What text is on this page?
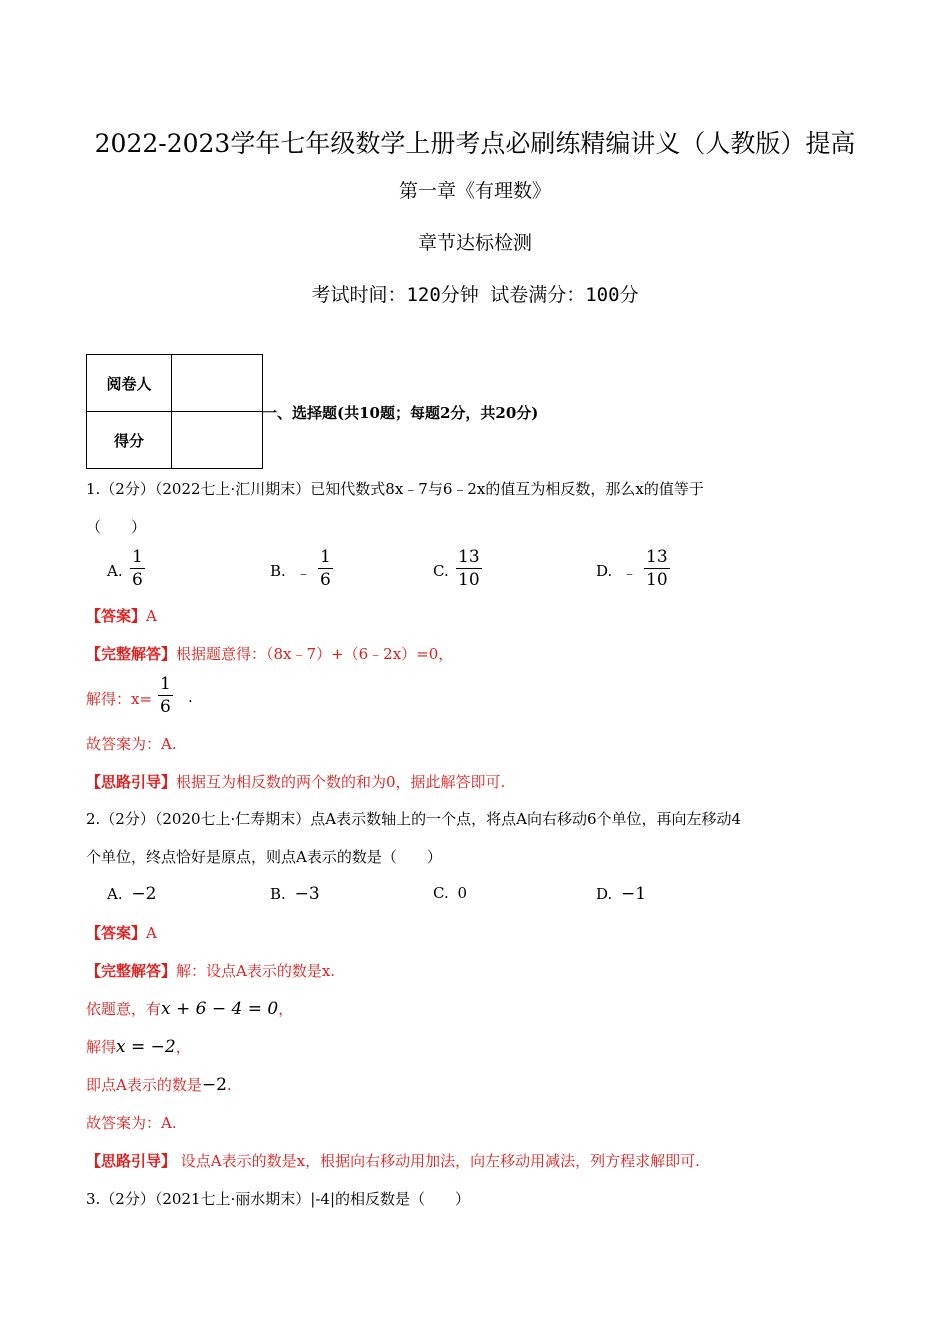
2022-2023学年七年级数学上册考点必刷练精编讲义（人教版）提高
第一章《有理数》
章节达标检测
考试时间：120分钟 试卷满分：100分
阅卷人	
得分	
一、选择题(共10题；每题2分，共20分)
1.（2分）（2022七上·汇川期末）已知代数式8x﹣7与6﹣2x的值互为相反数，那么x的值等于
（　　）
A. $\frac{1}{6}$	B. ﹣ $\frac{1}{6}$	C. $\frac{13}{10}$	D. ﹣ $\frac{13}{10}$
【答案】A
【完整解答】根据题意得：（8x﹣7）+（6﹣2x）=0，
解得：$x= \frac{1}{6}$ .
故答案为：A.
【思路引导】根据互为相反数的两个数的和为0，据此解答即可.
2.（2分）（2020七上·仁寿期末）点A表示数轴上的一个点，将点A向右移动6个单位，再向左移动4
个单位，终点恰好是原点，则点A表示的数是（　　）
A. −2	B. −3	C. 0	D. −1
【答案】A
【完整解答】解：设点A表示的数是x.
依题意，有x + 6 − 4 = 0，
解得x = −2，
即点A表示的数是−2.
故答案为：A.
【思路引导】 设点A表示的数是x，根据向右移动用加法，向左移动用减法，列方程求解即可.
3.（2分）（2021七上·丽水期末）|-4|的相反数是（　　）
